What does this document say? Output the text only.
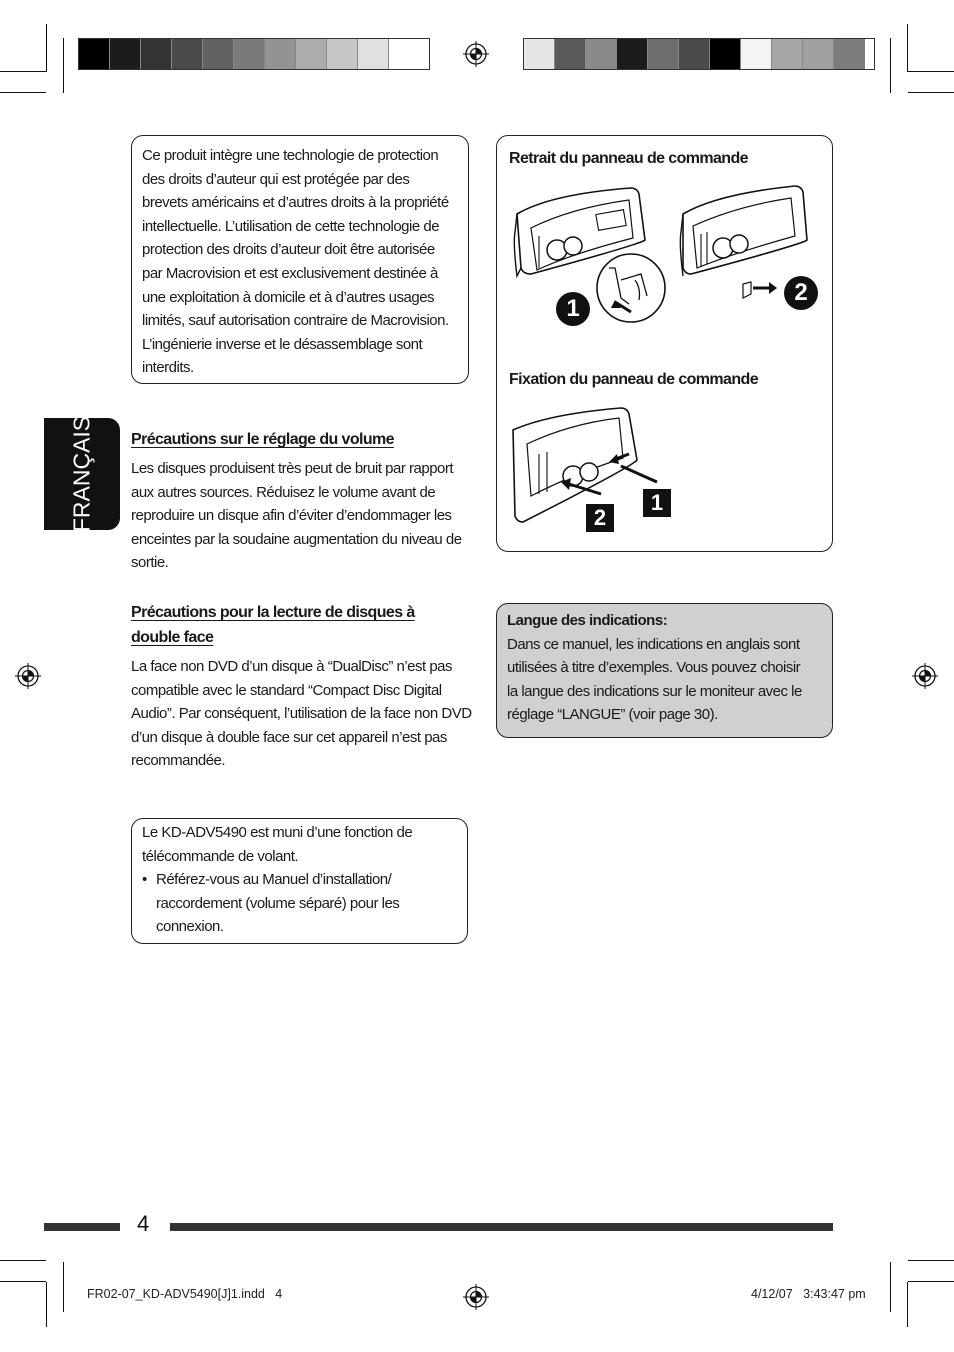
FRANÇAIS
Ce produit intègre une technologie de protection
des droits d’auteur qui est protégée par des
brevets américains et d’autres droits à la propriété
intellectuelle. L’utilisation de cette technologie de
protection des droits d’auteur doit être autorisée
par Macrovision et est exclusivement destinée à
une exploitation à domicile et à d’autres usages
limités, sauf autorisation contraire de Macrovision.
L’ingénierie inverse et le désassemblage sont
interdits.
Précautions sur le réglage du volume
Les disques produisent très peut de bruit par rapport
aux autres sources. Réduisez le volume avant de
reproduire un disque afin d’éviter d’endommager les
enceintes par la soudaine augmentation du niveau de
sortie.
Précautions pour la lecture de disques à
double face
La face non DVD d’un disque à “DualDisc” n’est pas
compatible avec le standard “Compact Disc Digital
Audio”. Par conséquent, l’utilisation de la face non DVD
d’un disque à double face sur cet appareil n’est pas
recommandée.
Le KD-ADV5490 est muni d’une fonction de
télécommande de volant.
• Référez-vous au Manuel d’installation/
raccordement (volume séparé) pour les
connexion.
Retrait du panneau de commande
1
2
Fixation du panneau de commande
1
2
Langue des indications:
Dans ce manuel, les indications en anglais sont
utilisées à titre d’exemples. Vous pouvez choisir
la langue des indications sur le moniteur avec le
réglage “LANGUE” (voir page 30).
4
FR02-07_KD-ADV5490[J]1.indd 4	4/12/07 3:43:47 pm
